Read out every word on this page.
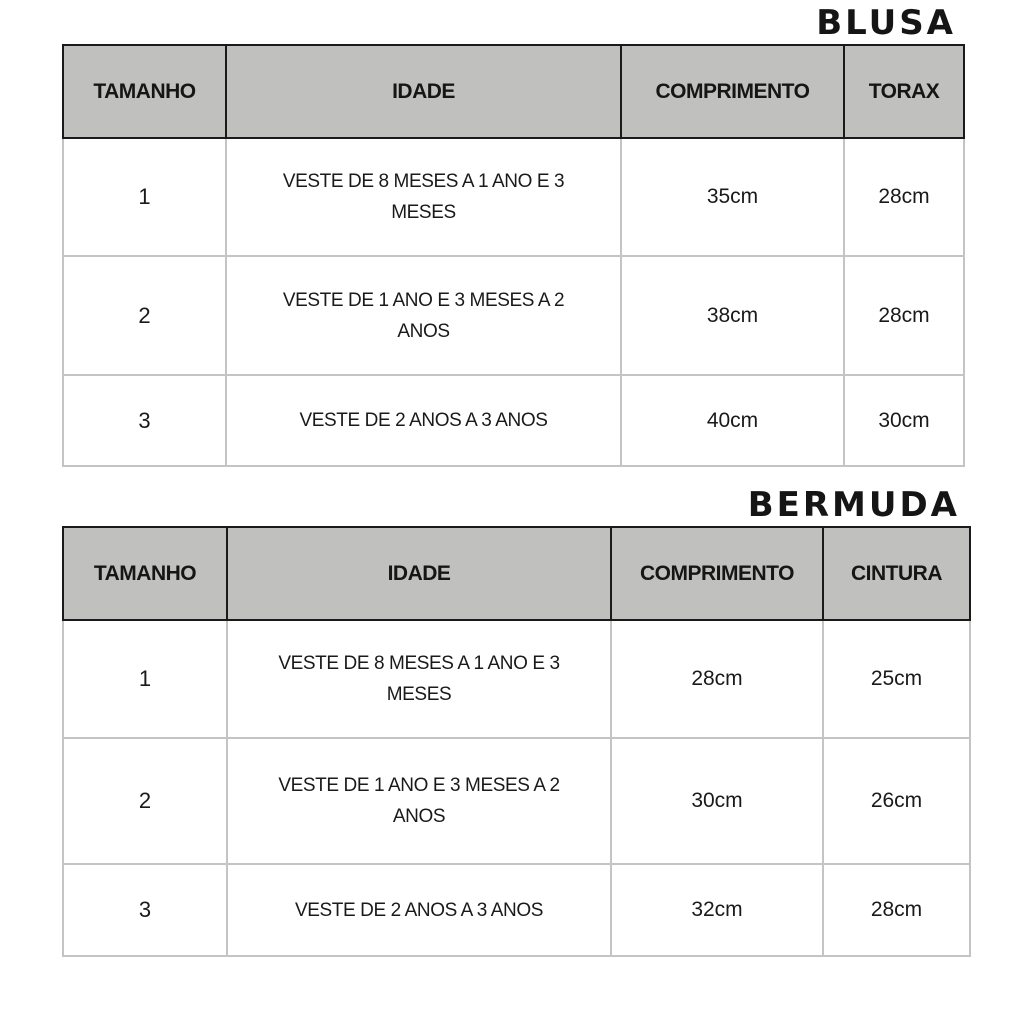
BLUSA
TAMANHO	IDADE	COMPRIMENTO	TORAX
1	VESTE DE 8 MESES A 1 ANO E 3 MESES	35cm	28cm
2	VESTE DE 1 ANO E 3 MESES A 2 ANOS	38cm	28cm
3	VESTE DE 2 ANOS A 3 ANOS	40cm	30cm
BERMUDA
TAMANHO	IDADE	COMPRIMENTO	CINTURA
1	VESTE DE 8 MESES A 1 ANO E 3 MESES	28cm	25cm
2	VESTE DE 1 ANO E 3 MESES A 2 ANOS	30cm	26cm
3	VESTE DE 2 ANOS A 3 ANOS	32cm	28cm
